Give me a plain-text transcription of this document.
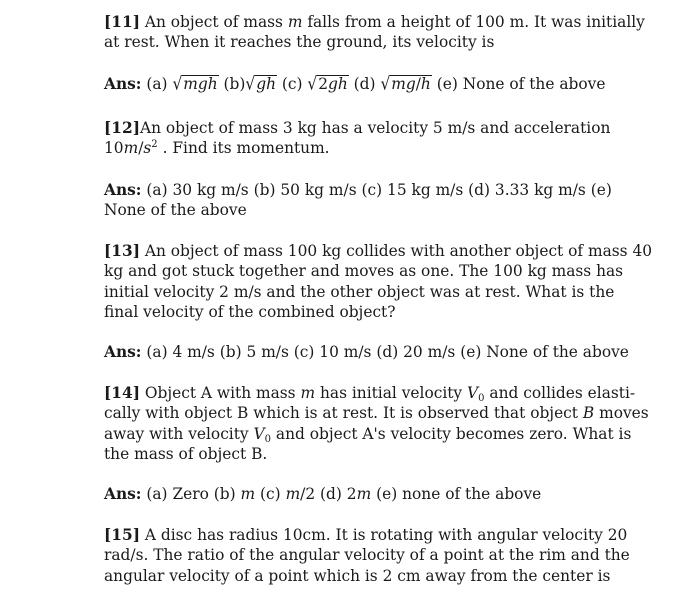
[11] An object of mass m falls from a height of 100 m. It was initially
at rest. When it reaches the ground, its velocity is
Ans: (a) √mgh (b)√gh (c) √2gh (d) √mg/h (e) None of the above
[12]An object of mass 3 kg has a velocity 5 m/s and acceleration
$10m/s^2$ . Find its momentum.
Ans: (a) 30 kg m/s (b) 50 kg m/s (c) 15 kg m/s (d) 3.33 kg m/s (e)
None of the above
[13] An object of mass 100 kg collides with another object of mass 40
kg and got stuck together and moves as one. The 100 kg mass has
initial velocity 2 m/s and the other object was at rest. What is the
final velocity of the combined object?
Ans: (a) 4 m/s (b) 5 m/s (c) 10 m/s (d) 20 m/s (e) None of the above
[14] Object A with mass m has initial velocity $V_0$ and collides elasti-
cally with object B which is at rest. It is observed that object B moves
away with velocity $V_0$ and object A's velocity becomes zero. What is
the mass of object B.
Ans: (a) Zero (b) m (c) m/2 (d) 2m (e) none of the above
[15] A disc has radius 10cm. It is rotating with angular velocity 20
rad/s. The ratio of the angular velocity of a point at the rim and the
angular velocity of a point which is 2 cm away from the center is
